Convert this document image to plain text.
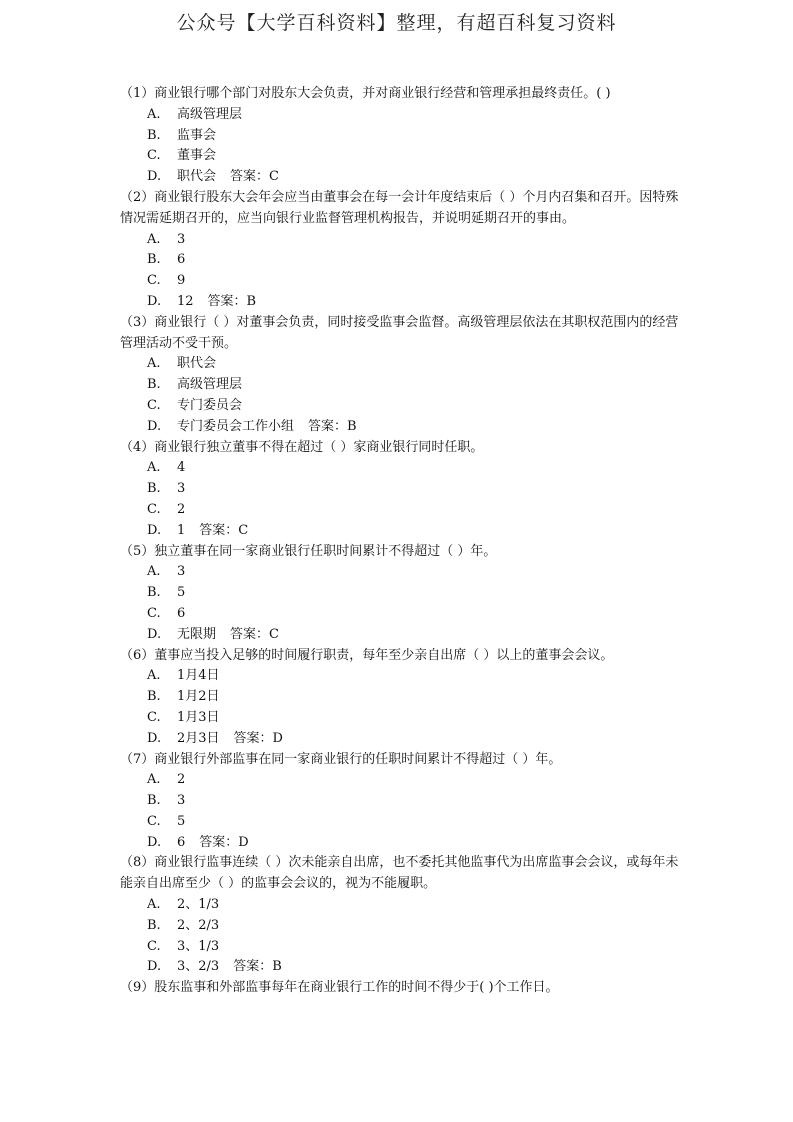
公众号【大学百科资料】整理，有超百科复习资料

（1）商业银行哪个部门对股东大会负责，并对商业银行经营和管理承担最终责任。( )

A. 高级管理层

B. 监事会

C. 董事会

D. 职代会 答案：C

（2）商业银行股东大会年会应当由董事会在每一会计年度结束后（ ）个月内召集和召开。因特殊情况需延期召开的，应当向银行业监督管理机构报告，并说明延期召开的事由。

A. 3

B. 6

C. 9

D. 12 答案：B

（3）商业银行（ ）对董事会负责，同时接受监事会监督。高级管理层依法在其职权范围内的经营管理活动不受干预。

A. 职代会

B. 高级管理层

C. 专门委员会

D. 专门委员会工作小组 答案：B

（4）商业银行独立董事不得在超过（ ）家商业银行同时任职。

A. 4

B. 3

C. 2

D. 1 答案：C

（5）独立董事在同一家商业银行任职时间累计不得超过（ ）年。

A. 3

B. 5

C. 6

D. 无限期 答案：C

（6）董事应当投入足够的时间履行职责，每年至少亲自出席（ ）以上的董事会会议。

A. 1月4日

B. 1月2日

C. 1月3日

D. 2月3日 答案：D

（7）商业银行外部监事在同一家商业银行的任职时间累计不得超过（ ）年。

A. 2

B. 3

C. 5

D. 6 答案：D

（8）商业银行监事连续（ ）次未能亲自出席，也不委托其他监事代为出席监事会会议，或每年未能亲自出席至少（ ）的监事会会议的，视为不能履职。

A. 2、1/3

B. 2、2/3

C. 3、1/3

D. 3、2/3 答案：B

（9）股东监事和外部监事每年在商业银行工作的时间不得少于( )个工作日。
